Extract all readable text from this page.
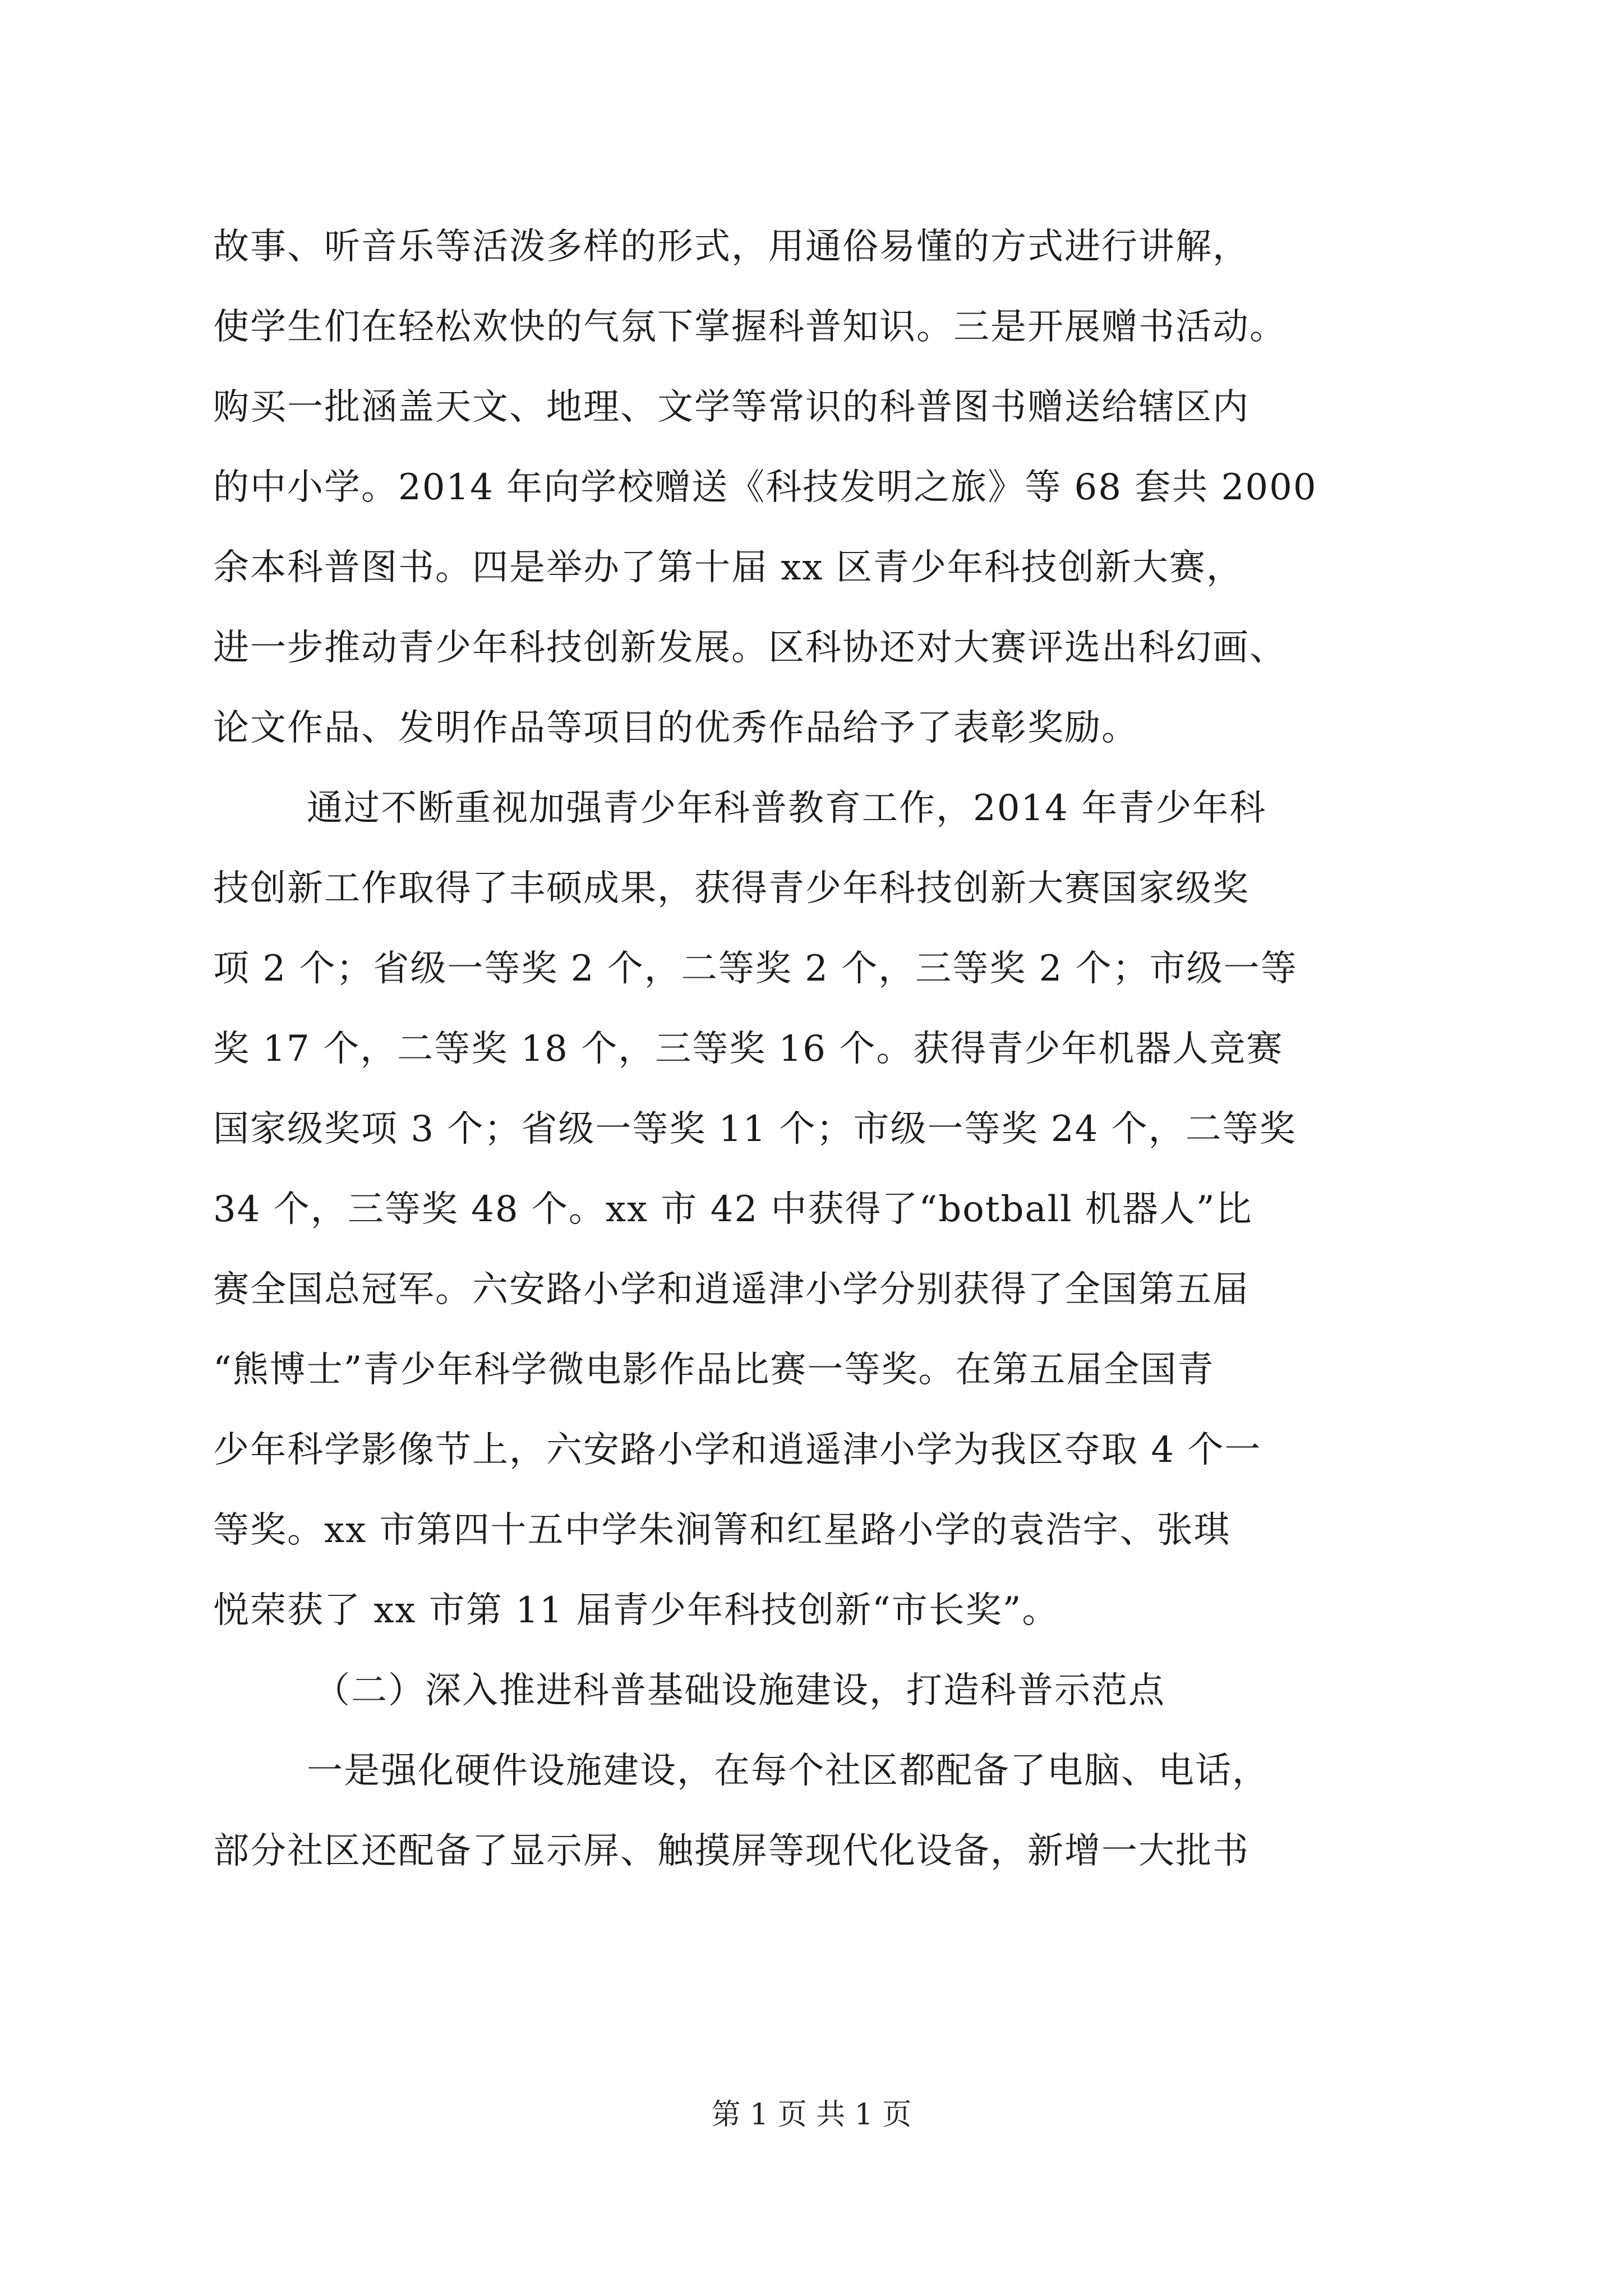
故事、听音乐等活泼多样的形式，用通俗易懂的方式进行讲解，
使学生们在轻松欢快的气氛下掌握科普知识。三是开展赠书活动。
购买一批涵盖天文、地理、文学等常识的科普图书赠送给辖区内
的中小学。2014 年向学校赠送《科技发明之旅》等 68 套共 2000
余本科普图书。四是举办了第十届 xx 区青少年科技创新大赛，
进一步推动青少年科技创新发展。区科协还对大赛评选出科幻画、
论文作品、发明作品等项目的优秀作品给予了表彰奖励。
通过不断重视加强青少年科普教育工作，2014 年青少年科
技创新工作取得了丰硕成果，获得青少年科技创新大赛国家级奖
项 2 个；省级一等奖 2 个，二等奖 2 个，三等奖 2 个；市级一等
奖 17 个，二等奖 18 个，三等奖 16 个。获得青少年机器人竞赛
国家级奖项 3 个；省级一等奖 11 个；市级一等奖 24 个，二等奖
34 个，三等奖 48 个。xx 市 42 中获得了“botball 机器人”比
赛全国总冠军。六安路小学和逍遥津小学分别获得了全国第五届
“熊博士”青少年科学微电影作品比赛一等奖。在第五届全国青
少年科学影像节上，六安路小学和逍遥津小学为我区夺取 4 个一
等奖。xx 市第四十五中学朱涧箐和红星路小学的袁浩宇、张琪
悦荣获了 xx 市第 11 届青少年科技创新“市长奖”。
（二）深入推进科普基础设施建设，打造科普示范点
一是强化硬件设施建设，在每个社区都配备了电脑、电话，
部分社区还配备了显示屏、触摸屏等现代化设备，新增一大批书
第 1 页 共 1 页
